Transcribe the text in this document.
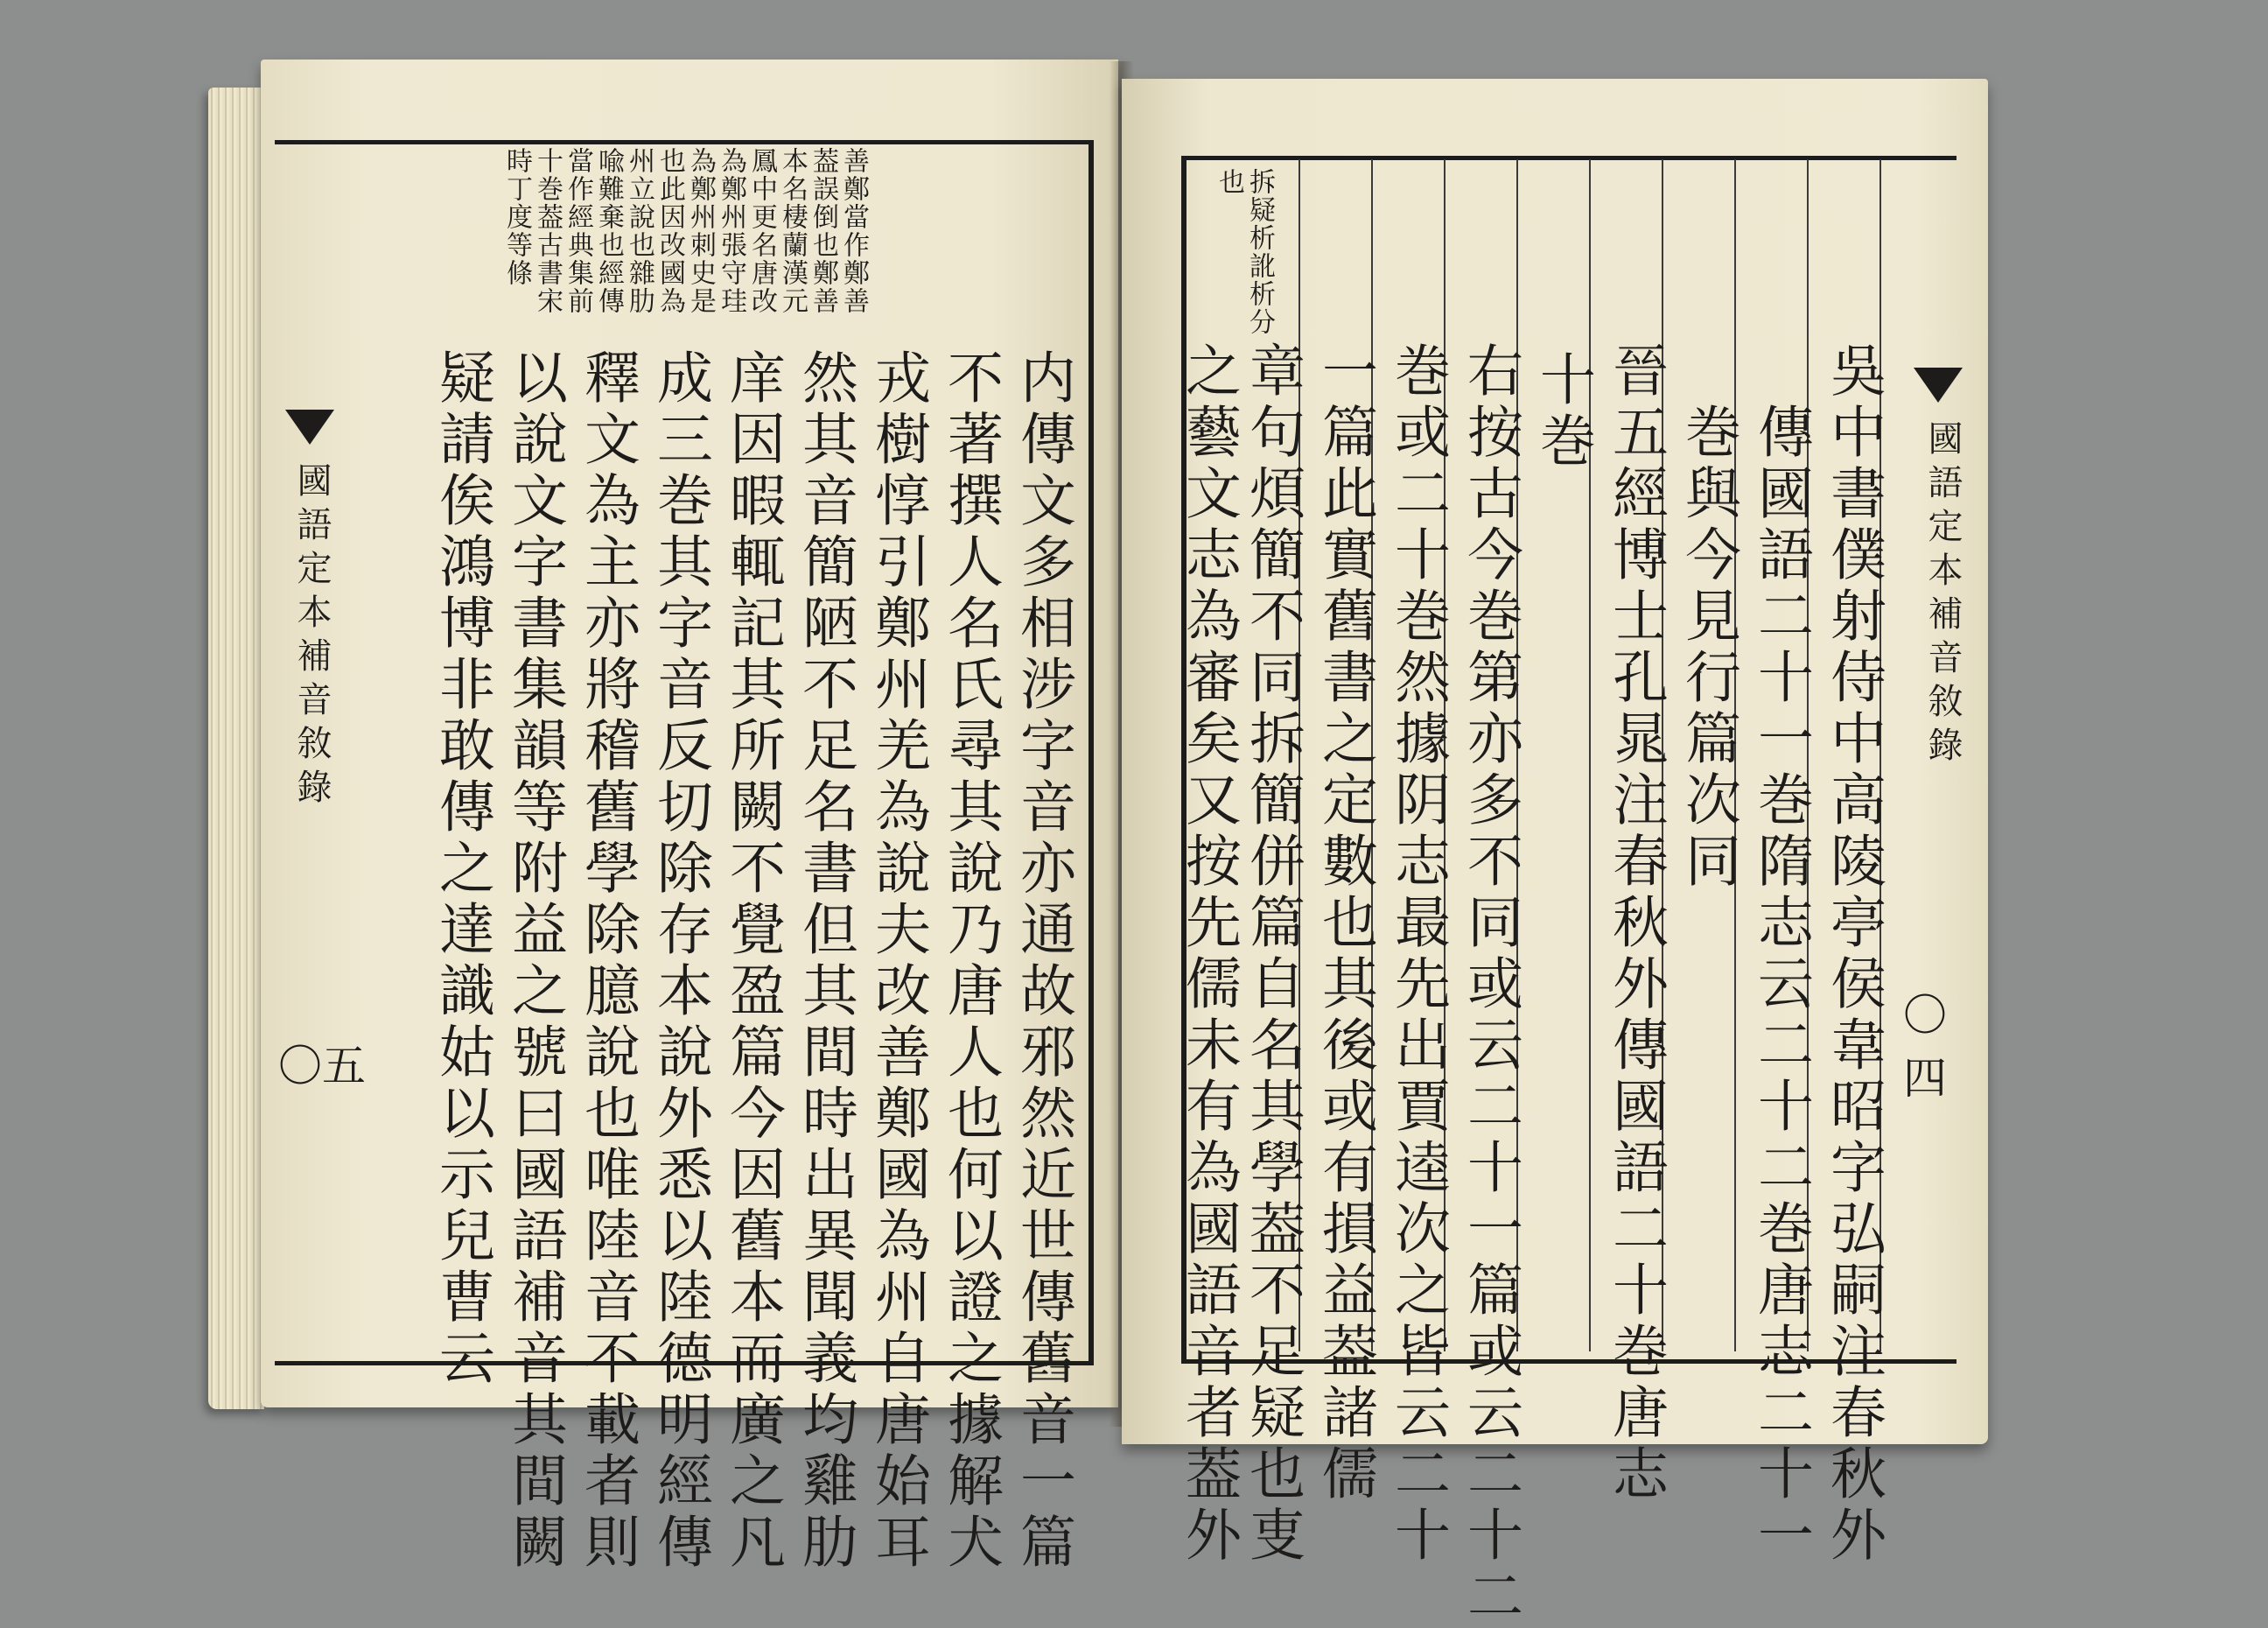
國語定本補音敘錄
〇五
善鄭當作鄭善
葢誤倒也鄭善
本名棲蘭漢元
鳳中更名唐改
為鄭州張守珪
為鄭州刺史是
也此因改國為
州立說也雜肋
喩難棄也經傳
當作經典集前
十巻葢古書宋
時丁度等條
内傳文多相涉字音亦通故邪然近世傳舊音一篇
不著撰人名氏尋其說乃唐人也何以證之據解犬
戎樹惇引鄭州羌為說夫改善鄭國為州自唐始耳
然其音簡陋不足名書但其間時出異聞義均雞肋
庠因暇輒記其所闕不覺盈篇今因舊本而廣之凡
成三巻其字音反切除存本說外悉以陸德明經傳
釋文為主亦將稽舊學除臆說也唯陸音不載者則
以說文字書集韻等附益之號曰國語補音其間闕
疑請俟鴻博非敢傳之達識姑以示兒曹云	國語定本補音敘錄
〇四
拆疑析訛析分
也
吳中書僕射侍中高陵亭侯韋昭字弘嗣注春秋外
傳國語二十一巻隋志云二十二巻唐志二十一
巻與今見行篇次同
晉五經博士孔晁注春秋外傳國語二十巻唐志
十巻
右按古今巻第亦多不同或云二十一篇或云二十二
巻或二十巻然據阴志最先出賈逵次之皆云二十
一篇此實舊書之定數也其後或有損益葢諸儒
章句煩簡不同拆簡併篇自名其學葢不足疑也叓
之藝文志為審矣又按先儒未有為國語音者葢外
